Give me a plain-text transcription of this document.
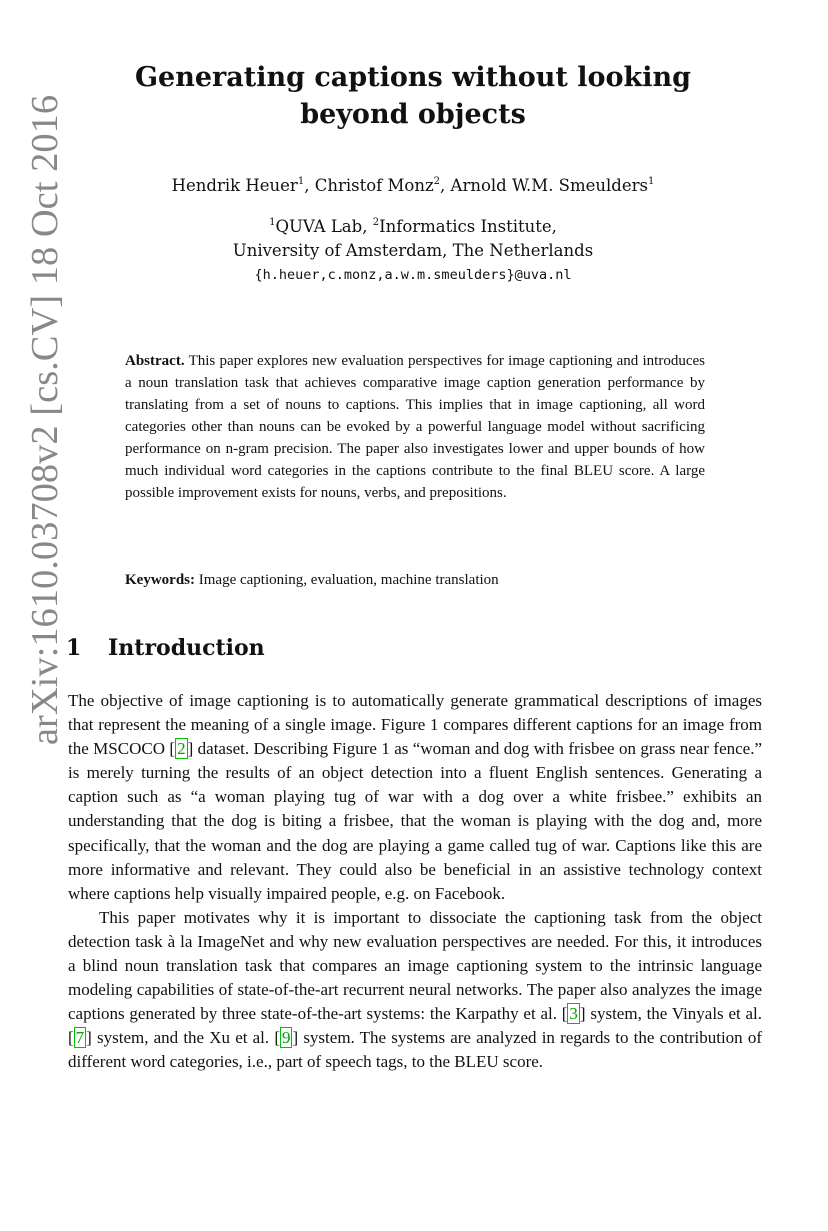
arXiv:1610.03708v2 [cs.CV] 18 Oct 2016
Generating captions without looking beyond objects
Hendrik Heuer$^1$, Christof Monz$^2$, Arnold W.M. Smeulders$^1$
$^1$QUVA Lab, $^2$Informatics Institute,
University of Amsterdam, The Netherlands
{h.heuer,c.monz,a.w.m.smeulders}@uva.nl

Abstract. This paper explores new evaluation perspectives for image captioning and introduces a noun translation task that achieves comparative image caption generation performance by translating from a set of nouns to captions. This implies that in image captioning, all word categories other than nouns can be evoked by a powerful language model without sacrificing performance on n-gram precision. The paper also investigates lower and upper bounds of how much individual word categories in the captions contribute to the final BLEU score. A large possible improvement exists for nouns, verbs, and prepositions.

Keywords: Image captioning, evaluation, machine translation

1 Introduction

The objective of image captioning is to automatically generate grammatical descriptions of images that represent the meaning of a single image. Figure 1 compares different captions for an image from the MSCOCO [ 2 ] dataset. Describing Figure 1 as “woman and dog with frisbee on grass near fence.” is merely turning the results of an object detection into a fluent English sentences. Generating a caption such as “a woman playing tug of war with a dog over a white frisbee.” exhibits an understanding that the dog is biting a frisbee, that the woman is playing with the dog and, more specifically, that the woman and the dog are playing a game called tug of war. Captions like this are more informative and relevant. They could also be beneficial in an assistive technology context where captions help visually impaired people, e.g. on Facebook.

This paper motivates why it is important to dissociate the captioning task from the object detection task à la ImageNet and why new evaluation perspectives are needed. For this, it introduces a blind noun translation task that compares an image captioning system to the intrinsic language modeling capabilities of state-of-the-art recurrent neural networks. The paper also analyzes the image captions generated by three state-of-the-art systems: the Karpathy et al. [ 3 ] system, the Vinyals et al. [ 7 ] system, and the Xu et al. [ 9 ] system. The systems are analyzed in regards to the contribution of different word categories, i.e., part of speech tags, to the BLEU score.
